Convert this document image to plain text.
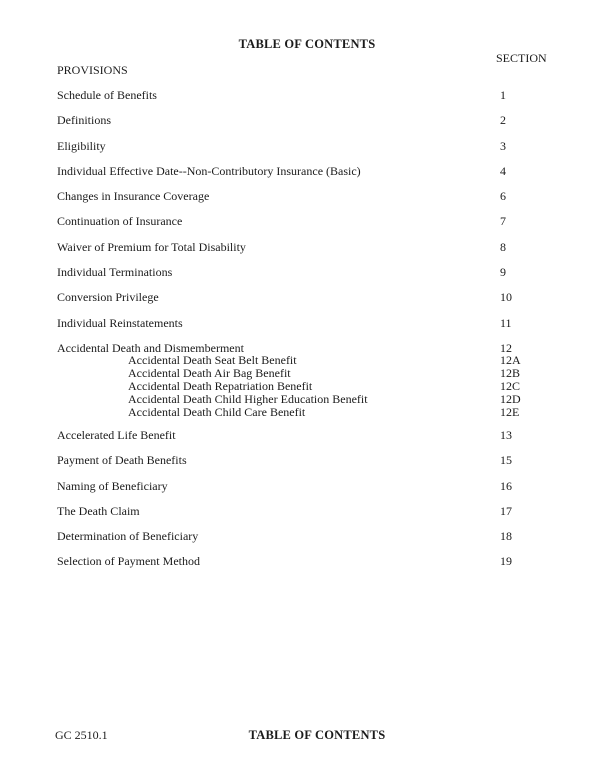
TABLE OF CONTENTS
SECTION
PROVISIONS
Schedule of Benefits	1
Definitions	2
Eligibility	3
Individual Effective Date--Non-Contributory Insurance (Basic)	4
Changes in Insurance Coverage	6
Continuation of Insurance	7
Waiver of Premium for Total Disability	8
Individual Terminations	9
Conversion Privilege	10
Individual Reinstatements	11
Accidental Death and Dismemberment	12
Accidental Death Seat Belt Benefit	12A
Accidental Death Air Bag Benefit	12B
Accidental Death Repatriation Benefit	12C
Accidental Death Child Higher Education Benefit	12D
Accidental Death Child Care Benefit	12E
Accelerated Life Benefit	13
Payment of Death Benefits	15
Naming of Beneficiary	16
The Death Claim	17
Determination of Beneficiary	18
Selection of Payment Method	19
GC 2510.1	TABLE OF CONTENTS
